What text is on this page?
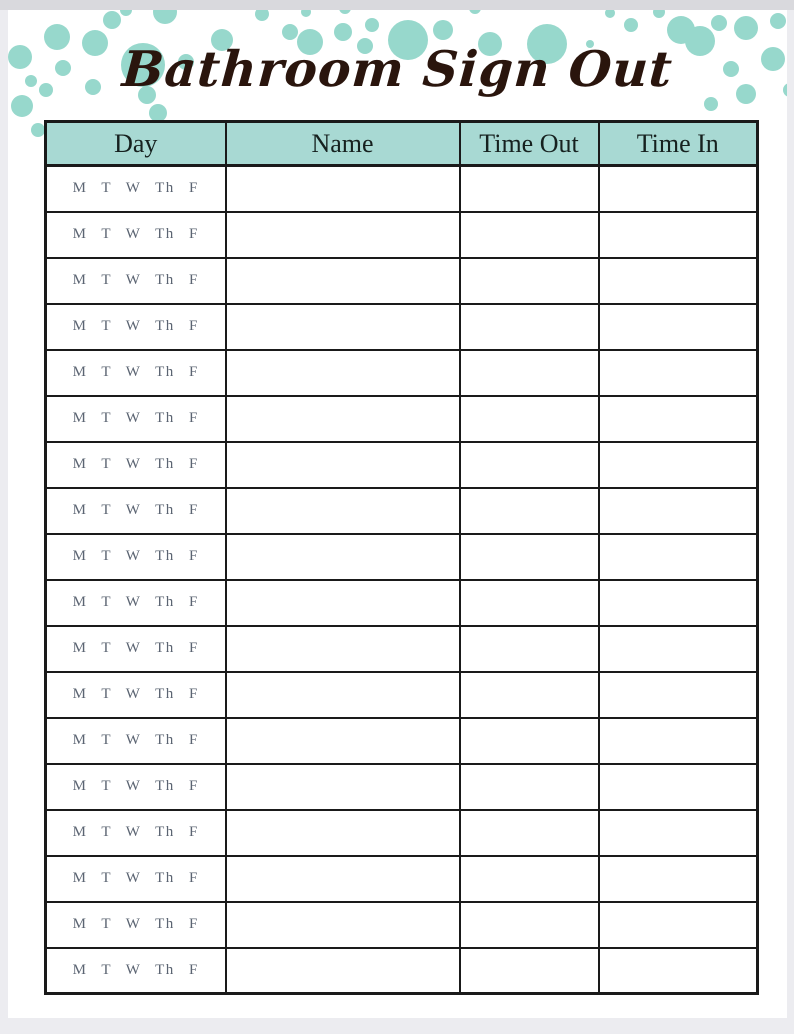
Bathroom Sign Out
Day	Name	Time Out	Time In
M T W Th F			
M T W Th F			
M T W Th F			
M T W Th F			
M T W Th F			
M T W Th F			
M T W Th F			
M T W Th F			
M T W Th F			
M T W Th F			
M T W Th F			
M T W Th F			
M T W Th F			
M T W Th F			
M T W Th F			
M T W Th F			
M T W Th F			
M T W Th F			
